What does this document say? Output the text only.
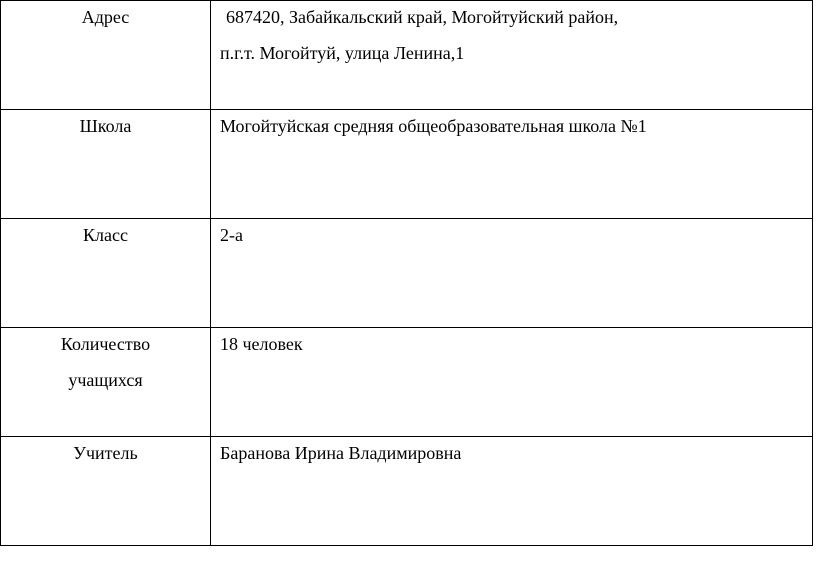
Адрес	687420, Забайкальский край, Могойтуйский район,
п.г.т. Могойтуй, улица Ленина,1

Школа	Могойтуйская средняя общеобразовательная школа №1

Класс	2-а

Количество
учащихся	18 человек

Учитель	Баранова Ирина Владимировна
